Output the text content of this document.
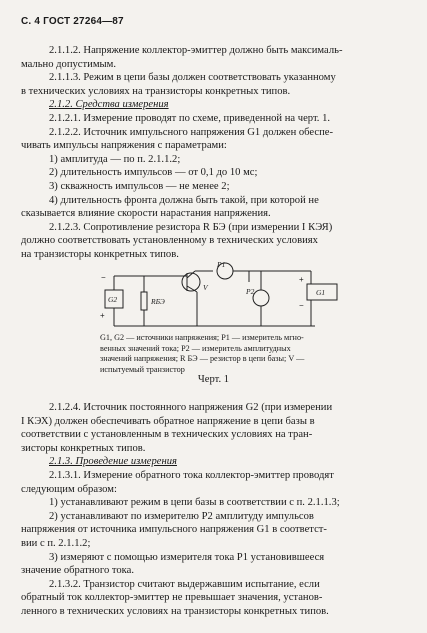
С. 4 ГОСТ 27264—87

2.1.1.2. Напряжение коллектор-эмиттер должно быть максималь-

мально допустимым.

2.1.1.3. Режим в цепи базы должен соответствовать указанному

в технических условиях на транзисторы конкретных типов.

2.1.2. Средства измерения

2.1.2.1. Измерение проводят по схеме, приведенной на черт. 1.

2.1.2.2. Источник импульсного напряжения G1 должен обеспе-

чивать импульсы напряжения с параметрами:

1) амплитуда — по п. 2.1.1.2;

2) длительность импульсов — от 0,1 до 10 мс;

3) скважность импульсов — не менее 2;

4) длительность фронта должна быть такой, при которой не

сказывается влияние скорости нарастания напряжения.

2.1.2.3. Сопротивление резистора R БЭ (при измерении I КЭЯ)

должно соответствовать установленному в технических условиях

на транзисторы конкретных типов.

G2	RБЭ
V
P1
P2	G1
−
+
+
−
G1, G2 — источники напряжения; P1 — измеритель мгно-
венных значений тока; P2 — измеритель амплитудных
значений напряжения; R БЭ — резистор в цепи базы; V —
испытуемый транзистор
Черт. 1

2.1.2.4. Источник постоянного напряжения G2 (при измерении

I КЭХ) должен обеспечивать обратное напряжение в цепи базы в

соответствии с установленным в технических условиях на тран-

зисторы конкретных типов.

2.1.3. Проведение измерения

2.1.3.1. Измерение обратного тока коллектор-эмиттер проводят

следующим образом:

1) устанавливают режим в цепи базы в соответствии с п. 2.1.1.3;

2) устанавливают по измерителю P2 амплитуду импульсов

напряжения от источника импульсного напряжения G1 в соответст-

вии с п. 2.1.1.2;

3) измеряют с помощью измерителя тока P1 установившееся

значение обратного тока.

2.1.3.2. Транзистор считают выдержавшим испытание, если

обратный ток коллектор-эмиттер не превышает значения, установ-

ленного в технических условиях на транзисторы конкретных типов.
